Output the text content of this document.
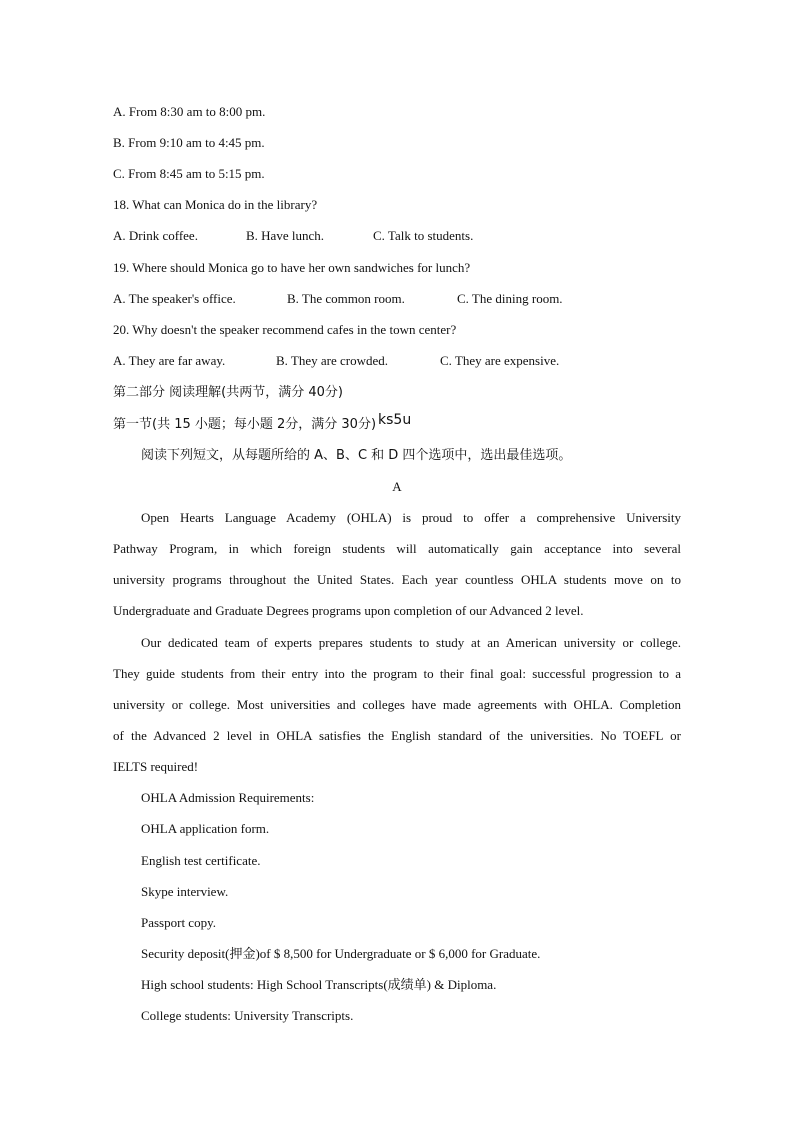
A. From 8:30 am to 8:00 pm.
B. From 9:10 am to 4:45 pm.
C. From 8:45 am to 5:15 pm.
18. What can Monica do in the library?
A. Drink coffee.	B. Have lunch.	C. Talk to students.
19. Where should Monica go to have her own sandwiches for lunch?
A. The speaker's office.	B. The common room.	C. The dining room.
20. Why doesn't the speaker recommend cafes in the town center?
A. They are far away.	B. They are crowded.	C. They are expensive.
第二部分 阅读理解(共两节，满分 40分)
第一节(共 15 小题；每小题 2分，满分 30分) ks5u
阅读下列短文，从每题所给的 A、B、C 和 D 四个选项中，选出最佳选项。
A
Open Hearts Language Academy (OHLA) is proud to offer a comprehensive University
Pathway Program, in which foreign students will automatically gain acceptance into several
university programs throughout the United States. Each year countless OHLA students move on to
Undergraduate and Graduate Degrees programs upon completion of our Advanced 2 level.
Our dedicated team of experts prepares students to study at an American university or college.
They guide students from their entry into the program to their final goal: successful progression to a
university or college. Most universities and colleges have made agreements with OHLA. Completion
of the Advanced 2 level in OHLA satisfies the English standard of the universities. No TOEFL or
IELTS required!
OHLA Admission Requirements:
OHLA application form.
English test certificate.
Skype interview.
Passport copy.
Security deposit(押金)of $ 8,500 for Undergraduate or $ 6,000 for Graduate.
High school students: High School Transcripts(成绩单) & Diploma.
College students: University Transcripts.
